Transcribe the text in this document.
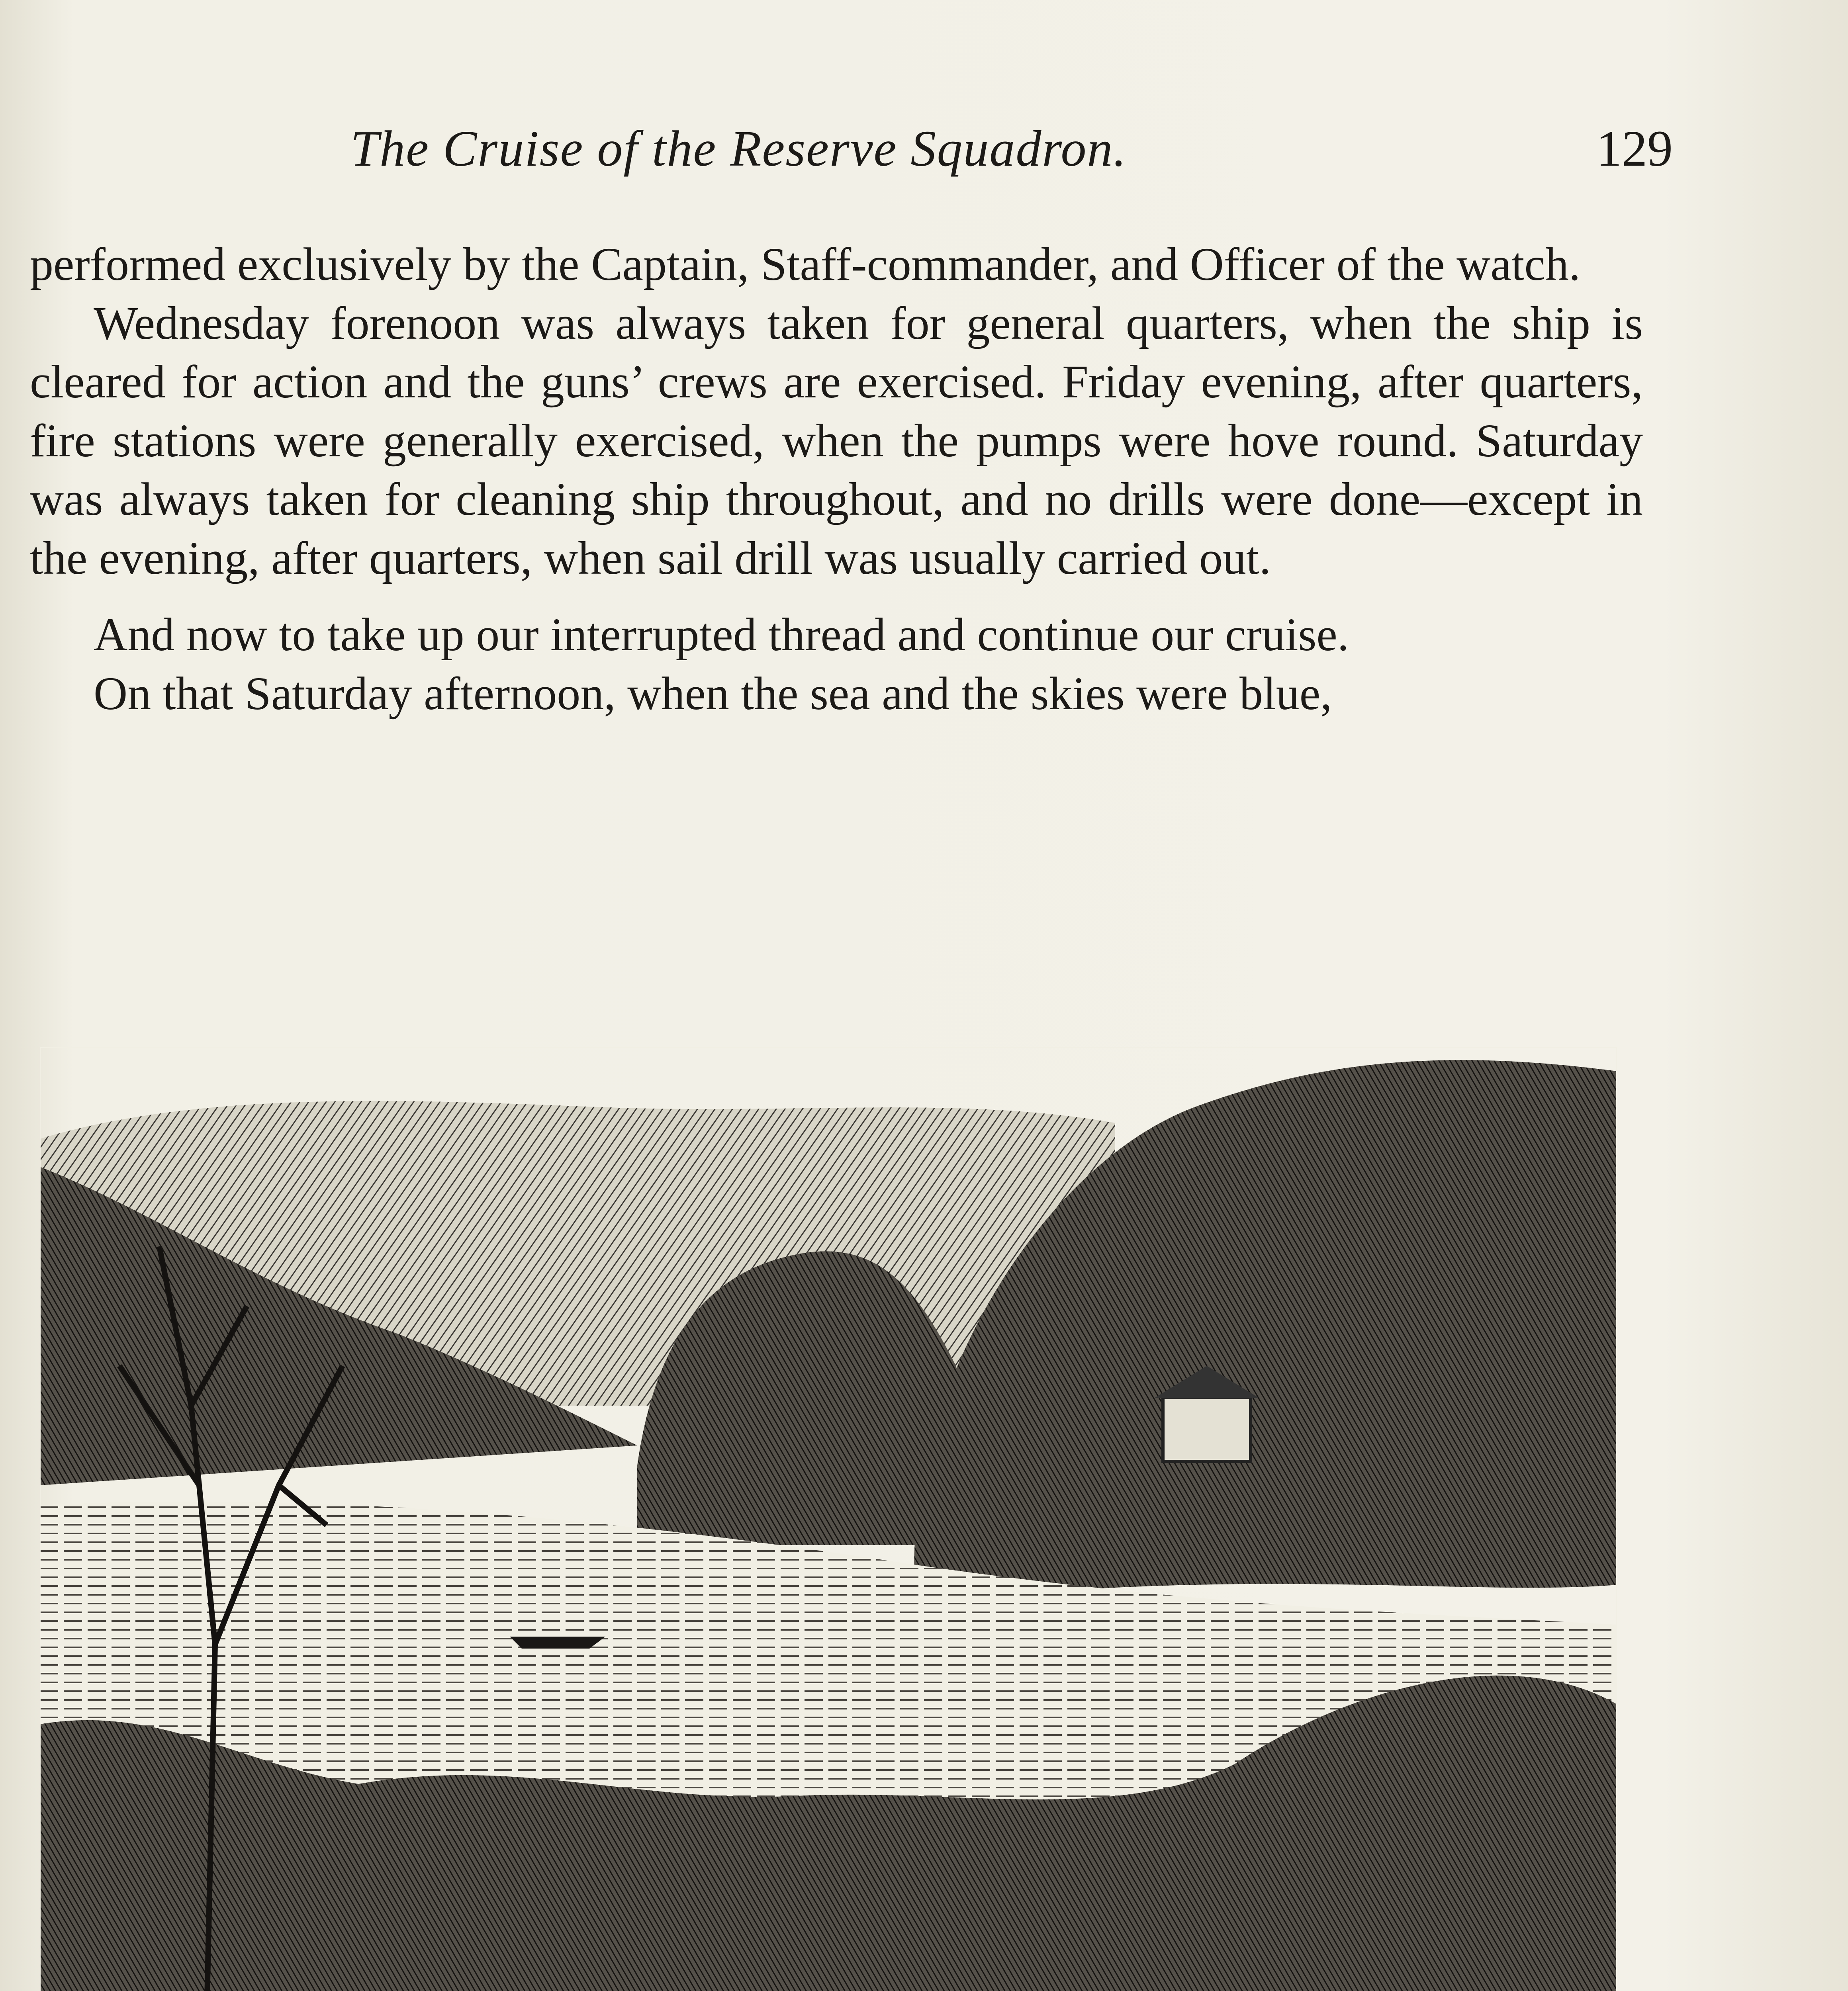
The Cruise of the Reserve Squadron.	129

performed exclusively by the Captain, Staff-commander, and Officer of the watch.

Wednesday forenoon was always taken for general quarters, when the ship is cleared for action and the guns’ crews are exercised. Friday evening, after quarters, fire stations were generally exercised, when the pumps were hove round. Saturday was always taken for cleaning ship throughout, and no drills were done—except in the evening, after quarters, when sail drill was usually carried out.

And now to take up our interrupted thread and continue our cruise.

On that Saturday afternoon, when the sea and the skies were blue,
